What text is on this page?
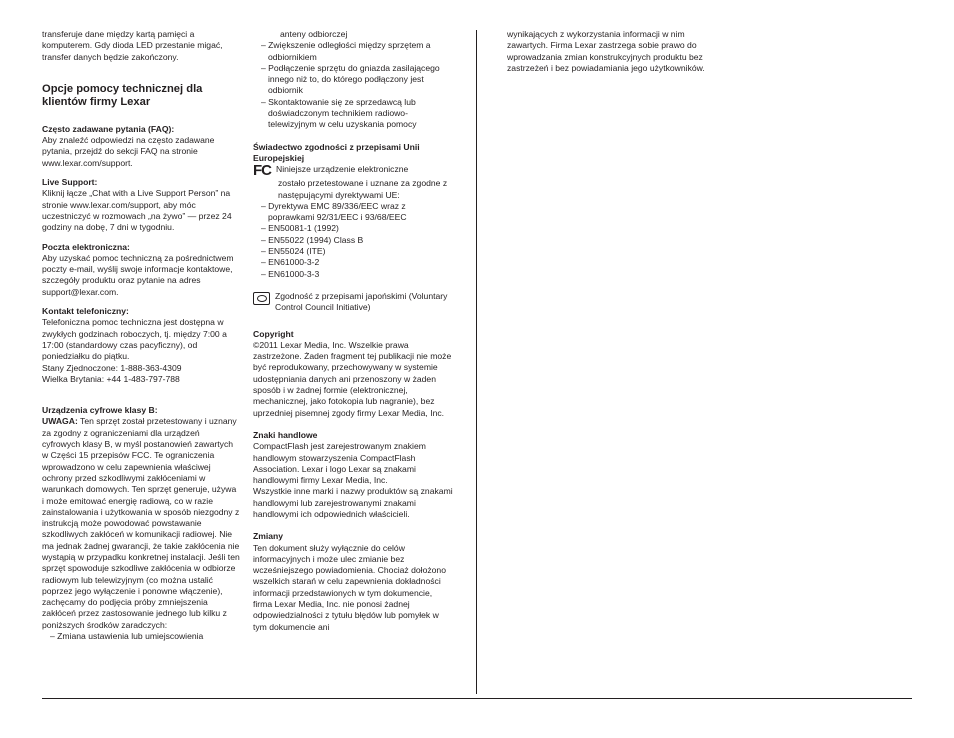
transferuje dane między kartą pamięci a komputerem. Gdy dioda LED przestanie migać, transfer danych będzie zakończony.

Opcje pomocy technicznej dla klientów firmy Lexar

Często zadawane pytania (FAQ):

Aby znaleźć odpowiedzi na często zadawane pytania, przejdź do sekcji FAQ na stronie www.lexar.com/support.

Live Support:

Kliknij łącze „Chat with a Live Support Person” na stronie www.lexar.com/support, aby móc uczestniczyć w rozmowach „na żywo” — przez 24 godziny na dobę, 7 dni w tygodniu.

Poczta elektroniczna:

Aby uzyskać pomoc techniczną za pośrednictwem poczty e-mail, wyślij swoje informacje kontaktowe, szczegóły produktu oraz pytanie na adres support@lexar.com.

Kontakt telefoniczny:

Telefoniczna pomoc techniczna jest dostępna w zwykłych godzinach roboczych, tj. między 7:00 a 17:00 (standardowy czas pacyficzny), od poniedziałku do piątku.

Stany Zjednoczone: 1-888-363-4309

Wielka Brytania: +44 1-483-797-788

Urządzenia cyfrowe klasy B:

UWAGA: Ten sprzęt został przetestowany i uznany za zgodny z ograniczeniami dla urządzeń cyfrowych klasy B, w myśl postanowień zawartych w Części 15 przepisów FCC. Te ograniczenia wprowadzono w celu zapewnienia właściwej ochrony przed szkodliwymi zakłóceniami w warunkach domowych. Ten sprzęt generuje, używa i może emitować energię radiową, co w razie zainstalowania i użytkowania w sposób niezgodny z instrukcją może powodować powstawanie szkodliwych zakłóceń w komunikacji radiowej. Nie ma jednak żadnej gwarancji, że takie zakłócenia nie wystąpią w przypadku konkretnej instalacji. Jeśli ten sprzęt spowoduje szkodliwe zakłócenia w odbiorze radiowym lub telewizyjnym (co można ustalić poprzez jego wyłączenie i ponowne włączenie), zachęcamy do podjęcia próby zmniejszenia zakłóceń przez zastosowanie jednego lub kilku z poniższych środków zaradczych:

– Zmiana ustawienia lub umiejscowienia

anteny odbiorczej

– Zwiększenie odległości między sprzętem a odbiornikiem

– Podłączenie sprzętu do gniazda zasilającego innego niż to, do którego podłączony jest odbiornik

– Skontaktowanie się ze sprzedawcą lub doświadczonym technikiem radiowo-telewizyjnym w celu uzyskania pomocy

Świadectwo zgodności z przepisami Unii Europejskiej

FC Niniejsze urządzenie elektroniczne

zostało przetestowane i uznane za zgodne z następującymi dyrektywami UE:

– Dyrektywa EMC 89/336/EEC wraz z poprawkami 92/31/EEC i 93/68/EEC

– EN50081-1 (1992)

– EN55022 (1994) Class B

– EN55024 (ITE)

– EN61000-3-2

– EN61000-3-3

Zgodność z przepisami japońskimi (Voluntary Control Council Initiative)

Copyright

©2011 Lexar Media, Inc. Wszelkie prawa zastrzeżone. Żaden fragment tej publikacji nie może być reprodukowany, przechowywany w systemie udostępniania danych ani przenoszony w żaden sposób i w żadnej formie (elektronicznej, mechanicznej, jako fotokopia lub nagranie), bez uprzedniej pisemnej zgody firmy Lexar Media, Inc.

Znaki handlowe

CompactFlash jest zarejestrowanym znakiem handlowym stowarzyszenia CompactFlash Association. Lexar i logo Lexar są znakami handlowymi firmy Lexar Media, Inc.

Wszystkie inne marki i nazwy produktów są znakami handlowymi lub zarejestrowanymi znakami handlowymi ich odpowiednich właścicieli.

Zmiany

Ten dokument służy wyłącznie do celów informacyjnych i może ulec zmianie bez wcześniejszego powiadomienia. Chociaż dołożono wszelkich starań w celu zapewnienia dokładności informacji przedstawionych w tym dokumencie, firma Lexar Media, Inc. nie ponosi żadnej odpowiedzialności z tytułu błędów lub pomyłek w tym dokumencie ani

wynikających z wykorzystania informacji w nim zawartych. Firma Lexar zastrzega sobie prawo do wprowadzania zmian konstrukcyjnych produktu bez zastrzeżeń i bez powiadamiania jego użytkowników.
